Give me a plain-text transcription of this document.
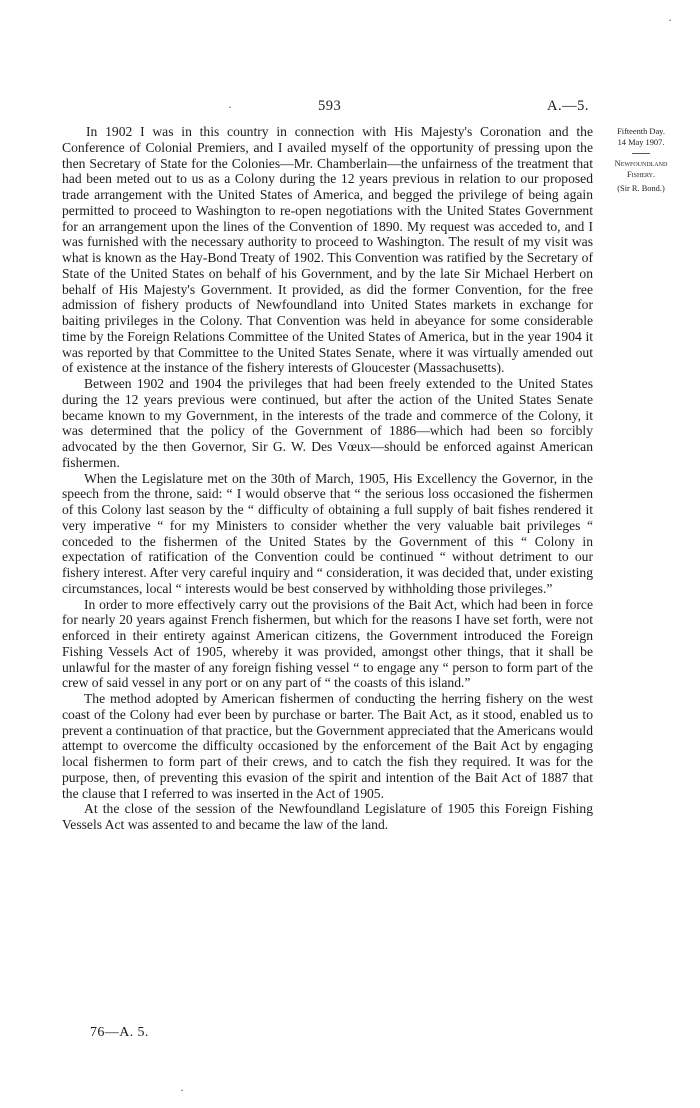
·
·
·
593	A.—5.

In 1902 I was in this country in connection with His Majesty's Coronation and the Conference of Colonial Premiers, and I availed myself of the opportunity of pressing upon the then Secretary of State for the Colonies—Mr. Chamberlain—the unfairness of the treatment that had been meted out to us as a Colony during the 12 years previous in relation to our proposed trade arrangement with the United States of America, and begged the privilege of being again permitted to proceed to Washington to re-open negotiations with the United States Government for an arrangement upon the lines of the Convention of 1890. My request was acceded to, and I was furnished with the necessary authority to proceed to Washington. The result of my visit was what is known as the Hay-Bond Treaty of 1902. This Convention was ratified by the Secretary of State of the United States on behalf of his Government, and by the late Sir Michael Herbert on behalf of His Majesty's Government. It provided, as did the former Convention, for the free admission of fishery products of Newfoundland into United States markets in exchange for baiting privileges in the Colony. That Convention was held in abeyance for some considerable time by the Foreign Relations Committee of the United States of America, but in the year 1904 it was reported by that Committee to the United States Senate, where it was virtually amended out of existence at the instance of the fishery interests of Gloucester (Massachusetts).

Between 1902 and 1904 the privileges that had been freely extended to the United States during the 12 years previous were continued, but after the action of the United States Senate became known to my Government, in the interests of the trade and commerce of the Colony, it was determined that the policy of the Government of 1886—which had been so forcibly advocated by the then Governor, Sir G. W. Des Vœux—should be enforced against American fishermen.

When the Legislature met on the 30th of March, 1905, His Excellency the Governor, in the speech from the throne, said: “ I would observe that “ the serious loss occasioned the fishermen of this Colony last season by the “ difficulty of obtaining a full supply of bait fishes rendered it very imperative “ for my Ministers to consider whether the very valuable bait privileges “ conceded to the fishermen of the United States by the Government of this “ Colony in expectation of ratification of the Convention could be continued “ without detriment to our fishery interest. After very careful inquiry and “ consideration, it was decided that, under existing circumstances, local “ interests would be best conserved by withholding those privileges.”

In order to more effectively carry out the provisions of the Bait Act, which had been in force for nearly 20 years against French fishermen, but which for the reasons I have set forth, were not enforced in their entirety against American citizens, the Government introduced the Foreign Fishing Vessels Act of 1905, whereby it was provided, amongst other things, that it shall be unlawful for the master of any foreign fishing vessel “ to engage any “ person to form part of the crew of said vessel in any port or on any part of “ the coasts of this island.”

The method adopted by American fishermen of conducting the herring fishery on the west coast of the Colony had ever been by purchase or barter. The Bait Act, as it stood, enabled us to prevent a continuation of that practice, but the Government appreciated that the Americans would attempt to overcome the difficulty occasioned by the enforcement of the Bait Act by engaging local fishermen to form part of their crews, and to catch the fish they required. It was for the purpose, then, of preventing this evasion of the spirit and intention of the Bait Act of 1887 that the clause that I referred to was inserted in the Act of 1905.

At the close of the session of the Newfoundland Legislature of 1905 this Foreign Fishing Vessels Act was assented to and became the law of the land.

76—A. 5.
Fifteenth Day.
14 May 1907.
Newfoundland
Fishery.
(Sir R. Bond.)
